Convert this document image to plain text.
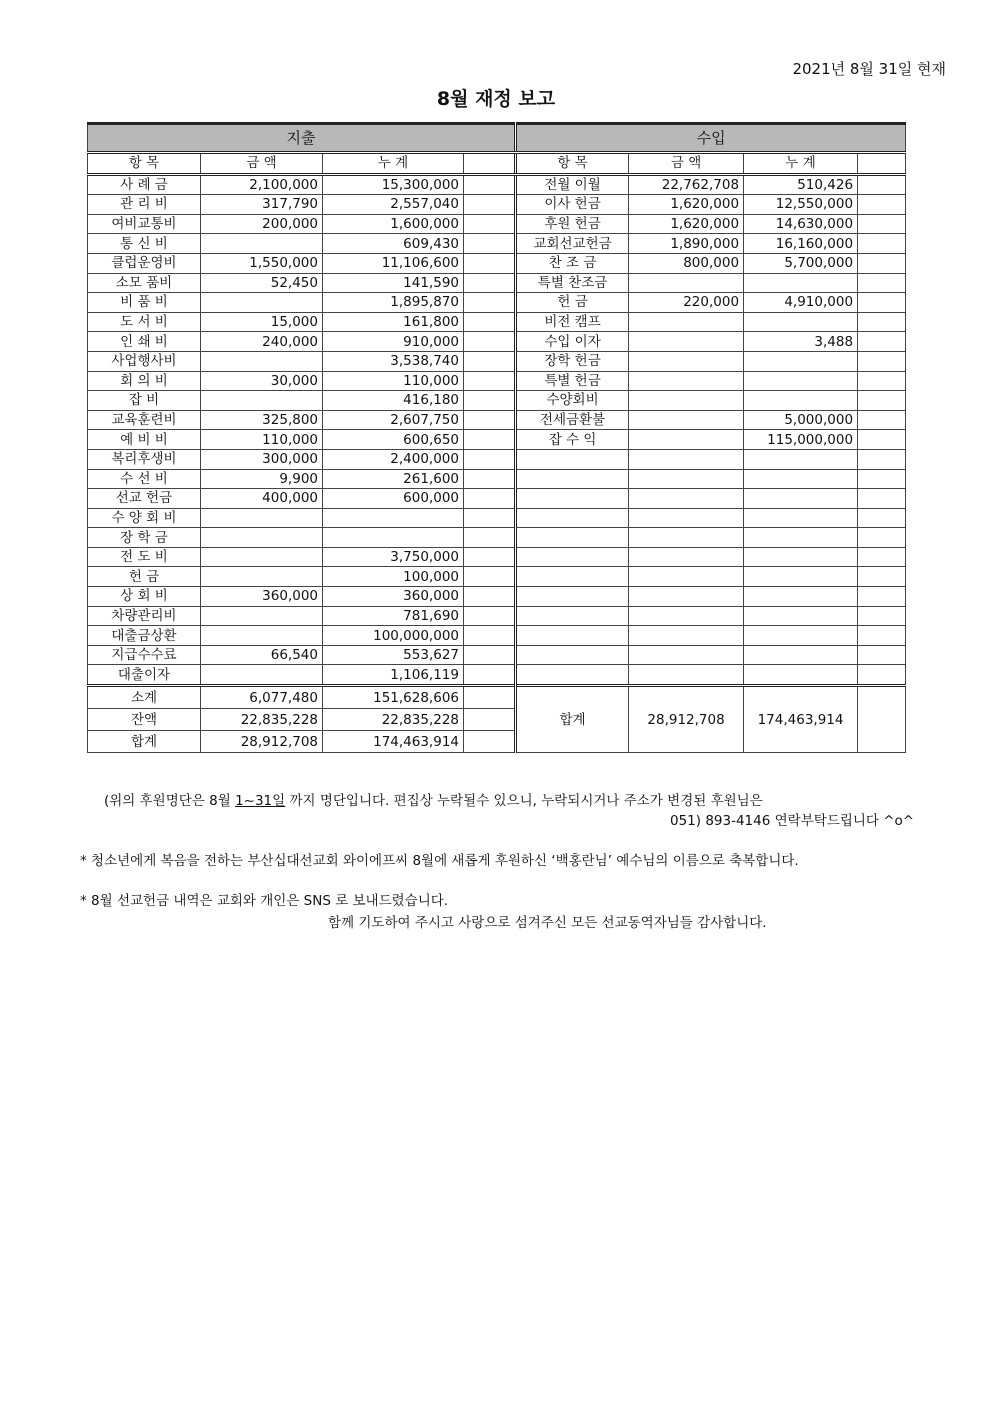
2021년 8월 31일 현재
8월 재정 보고
지출				수입			
항 목	금 액	누 계		항 목	금 액	누 계	
사 례 금	2,100,000	15,300,000		전월 이월	22,762,708	510,426	
관 리 비	317,790	2,557,040		이사 헌금	1,620,000	12,550,000	
여비교통비	200,000	1,600,000		후원 헌금	1,620,000	14,630,000	
통 신 비		609,430		교회선교헌금	1,890,000	16,160,000	
클럽운영비	1,550,000	11,106,600		찬 조 금	800,000	5,700,000	
소모 품비	52,450	141,590		특별 찬조금			
비 품 비		1,895,870		헌 금	220,000	4,910,000	
도 서 비	15,000	161,800		비전 캠프			
인 쇄 비	240,000	910,000		수입 이자		3,488	
사업행사비		3,538,740		장학 헌금			
회 의 비	30,000	110,000		특별 헌금			
잡 비		416,180		수양회비			
교육훈련비	325,800	2,607,750		전세금환불		5,000,000	
예 비 비	110,000	600,650		잡 수 익		115,000,000	
복리후생비	300,000	2,400,000					
수 선 비	9,900	261,600					
선교 헌금	400,000	600,000					
수 양 회 비							
장 학 금							
전 도 비		3,750,000					
헌 금		100,000					
상 회 비	360,000	360,000					
차량관리비		781,690					
대출금상환		100,000,000					
지급수수료	66,540	553,627					
대출이자		1,106,119					
소계	6,077,480	151,628,606		합계	28,912,708	174,463,914	
잔액	22,835,228	22,835,228					
합계	28,912,708	174,463,914					
(위의 후원명단은 8월 1~31일 까지 명단입니다. 편집상 누락될수 있으니, 누락되시거나 주소가 변경된 후원님은
051) 893-4146 연락부탁드립니다 ^o^
* 청소년에게 복음을 전하는 부산십대선교회 와이에프씨 8월에 새롭게 후원하신 ‘백홍란님’ 예수님의 이름으로 축복합니다.
* 8월 선교헌금 내역은 교회와 개인은 SNS 로 보내드렸습니다.
함께 기도하여 주시고 사랑으로 섬겨주신 모든 선교동역자님들 감사합니다.
